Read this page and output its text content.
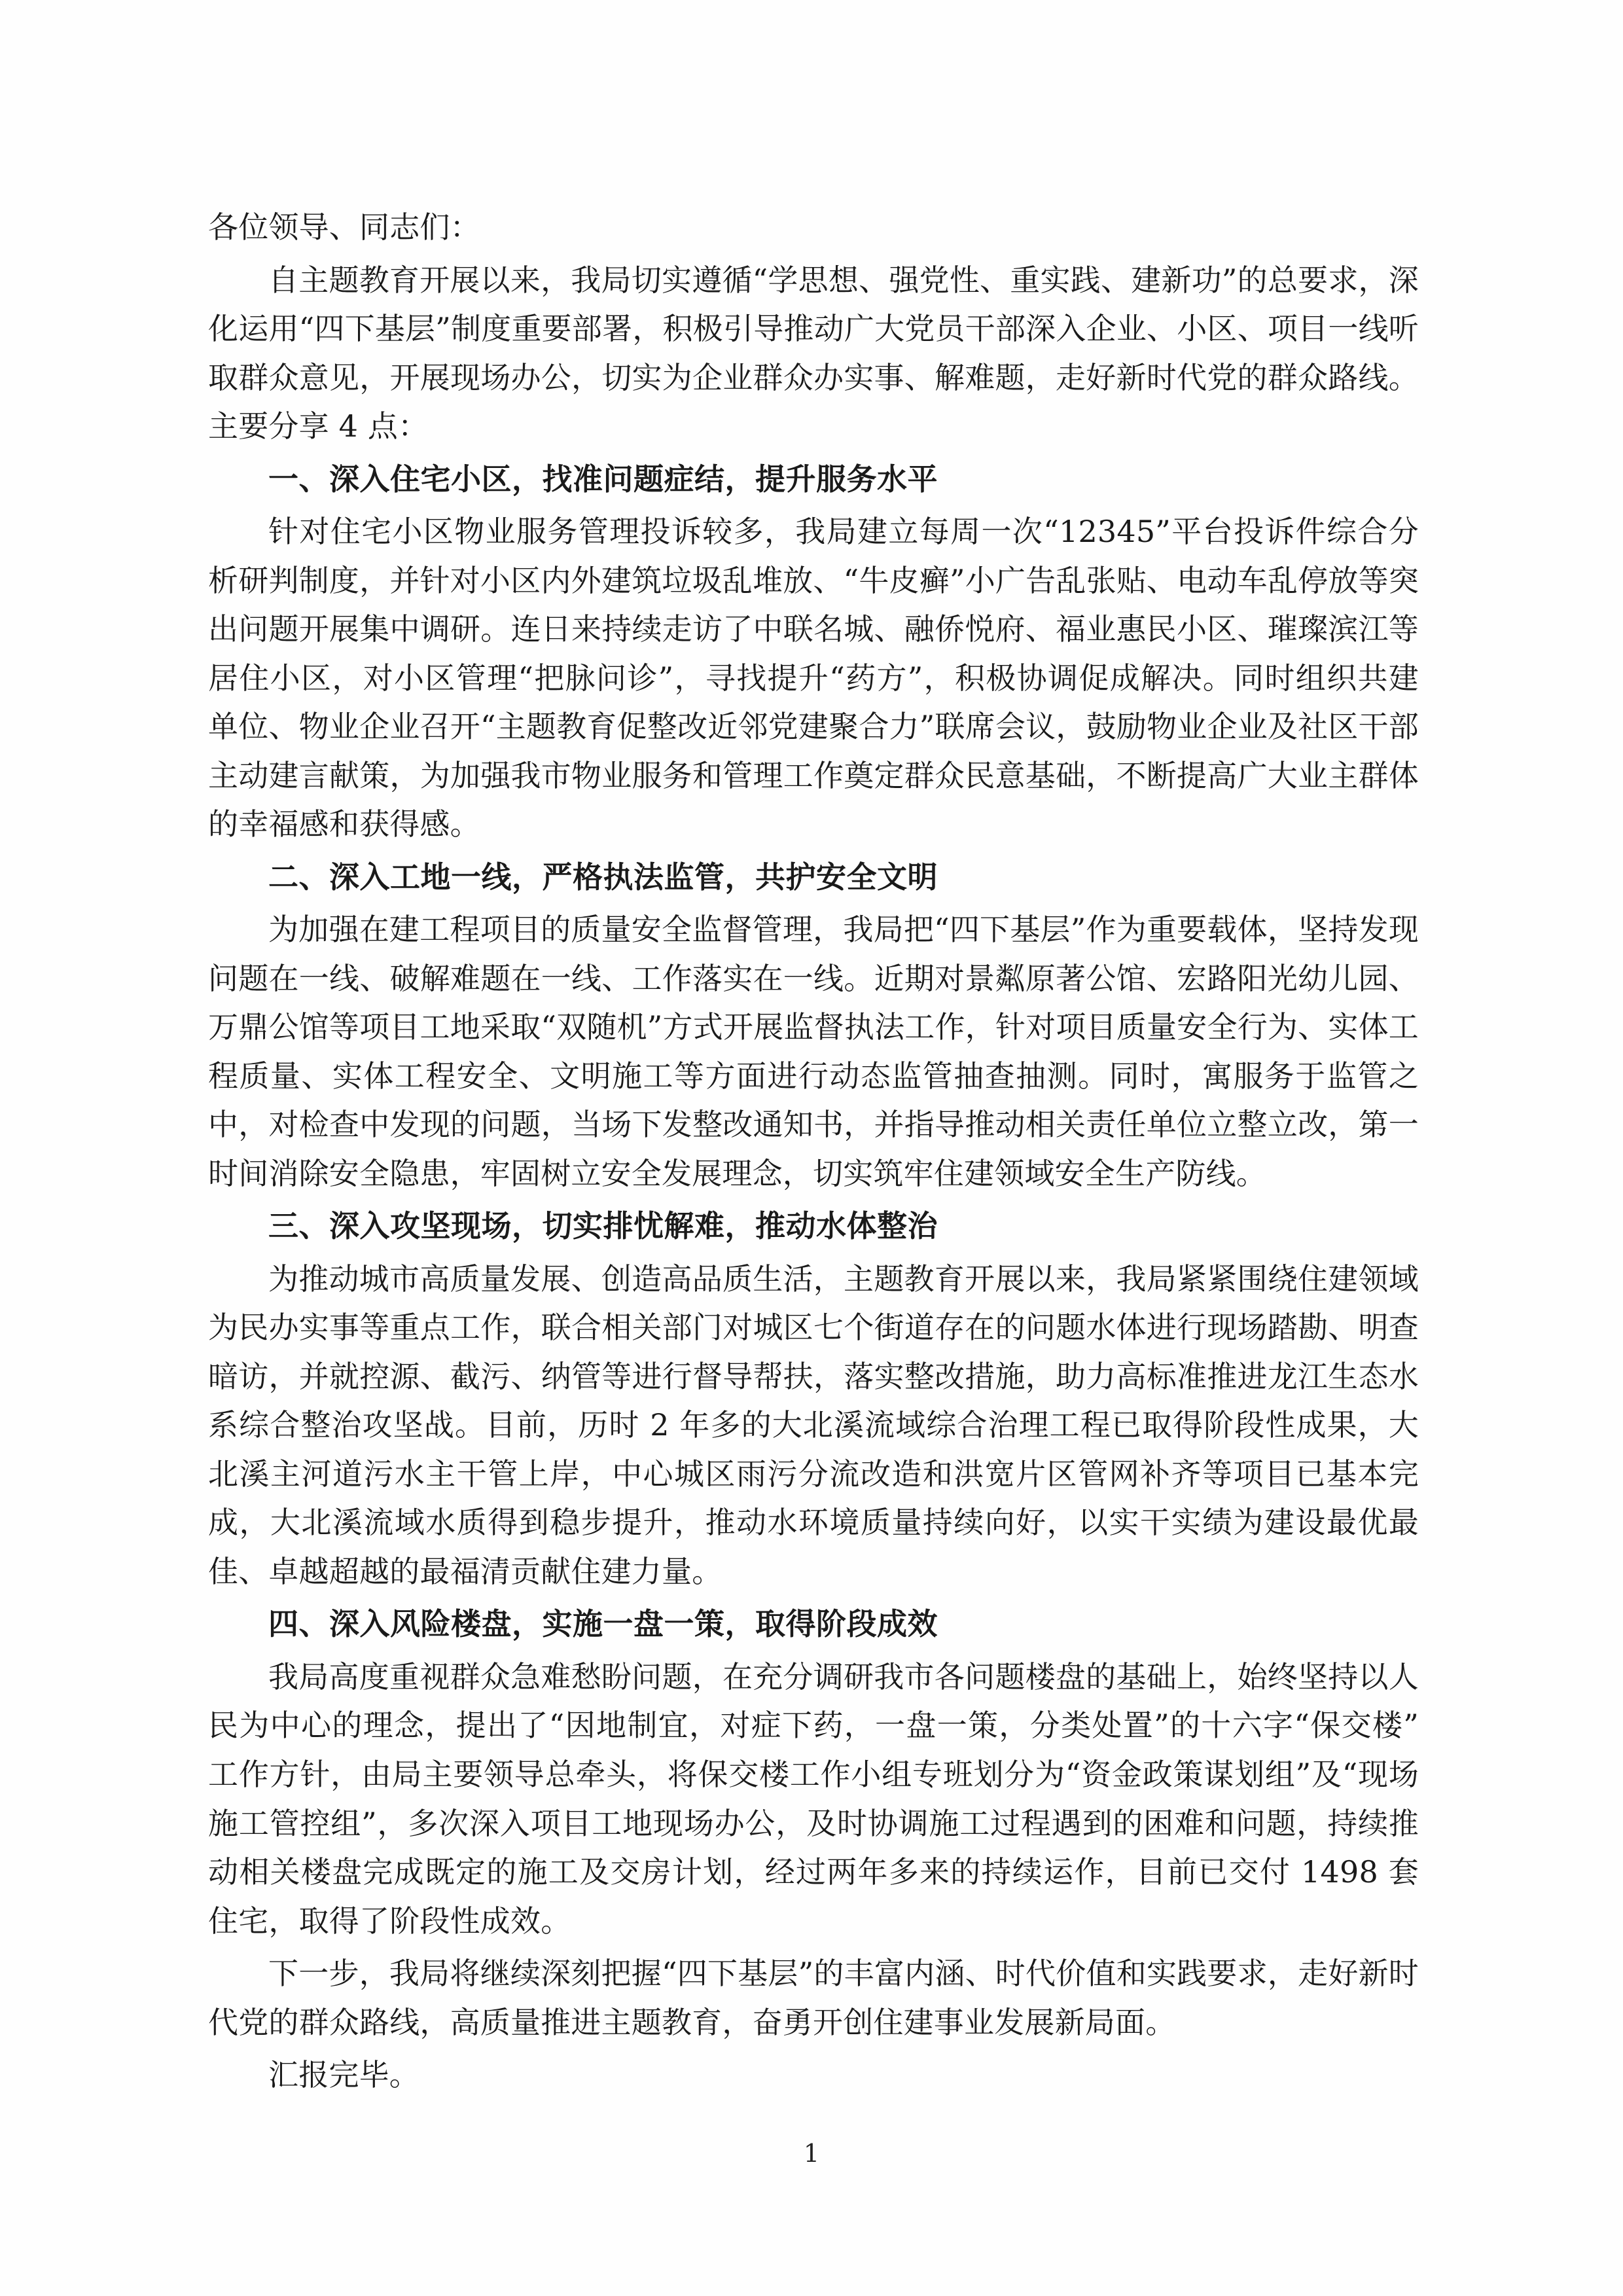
各位领导、同志们：

自主题教育开展以来，我局切实遵循“学思想、强党性、重实践、建新功”的总要求，深化运用“四下基层”制度重要部署，积极引导推动广大党员干部深入企业、小区、项目一线听取群众意见，开展现场办公，切实为企业群众办实事、解难题，走好新时代党的群众路线。主要分享 4 点：

一、深入住宅小区，找准问题症结，提升服务水平

针对住宅小区物业服务管理投诉较多，我局建立每周一次“12345”平台投诉件综合分析研判制度，并针对小区内外建筑垃圾乱堆放、“牛皮癣”小广告乱张贴、电动车乱停放等突出问题开展集中调研。连日来持续走访了中联名城、融侨悦府、福业惠民小区、璀璨滨江等居住小区，对小区管理“把脉问诊”，寻找提升“药方”，积极协调促成解决。同时组织共建单位、物业企业召开“主题教育促整改近邻党建聚合力”联席会议，鼓励物业企业及社区干部主动建言献策，为加强我市物业服务和管理工作奠定群众民意基础，不断提高广大业主群体的幸福感和获得感。

二、深入工地一线，严格执法监管，共护安全文明

为加强在建工程项目的质量安全监督管理，我局把“四下基层”作为重要载体，坚持发现问题在一线、破解难题在一线、工作落实在一线。近期对景粼原著公馆、宏路阳光幼儿园、万鼎公馆等项目工地采取“双随机”方式开展监督执法工作，针对项目质量安全行为、实体工程质量、实体工程安全、文明施工等方面进行动态监管抽查抽测。同时，寓服务于监管之中，对检查中发现的问题，当场下发整改通知书，并指导推动相关责任单位立整立改，第一时间消除安全隐患，牢固树立安全发展理念，切实筑牢住建领域安全生产防线。

三、深入攻坚现场，切实排忧解难，推动水体整治

为推动城市高质量发展、创造高品质生活，主题教育开展以来，我局紧紧围绕住建领域为民办实事等重点工作，联合相关部门对城区七个街道存在的问题水体进行现场踏勘、明查暗访，并就控源、截污、纳管等进行督导帮扶，落实整改措施，助力高标准推进龙江生态水系综合整治攻坚战。目前，历时 2 年多的大北溪流域综合治理工程已取得阶段性成果，大北溪主河道污水主干管上岸，中心城区雨污分流改造和洪宽片区管网补齐等项目已基本完成，大北溪流域水质得到稳步提升，推动水环境质量持续向好，以实干实绩为建设最优最佳、卓越超越的最福清贡献住建力量。

四、深入风险楼盘，实施一盘一策，取得阶段成效

我局高度重视群众急难愁盼问题，在充分调研我市各问题楼盘的基础上，始终坚持以人民为中心的理念，提出了“因地制宜，对症下药，一盘一策，分类处置”的十六字“保交楼”工作方针，由局主要领导总牵头，将保交楼工作小组专班划分为“资金政策谋划组”及“现场施工管控组”，多次深入项目工地现场办公，及时协调施工过程遇到的困难和问题，持续推动相关楼盘完成既定的施工及交房计划，经过两年多来的持续运作，目前已交付 1498 套住宅，取得了阶段性成效。

下一步，我局将继续深刻把握“四下基层”的丰富内涵、时代价值和实践要求，走好新时代党的群众路线，高质量推进主题教育，奋勇开创住建事业发展新局面。

汇报完毕。

1
